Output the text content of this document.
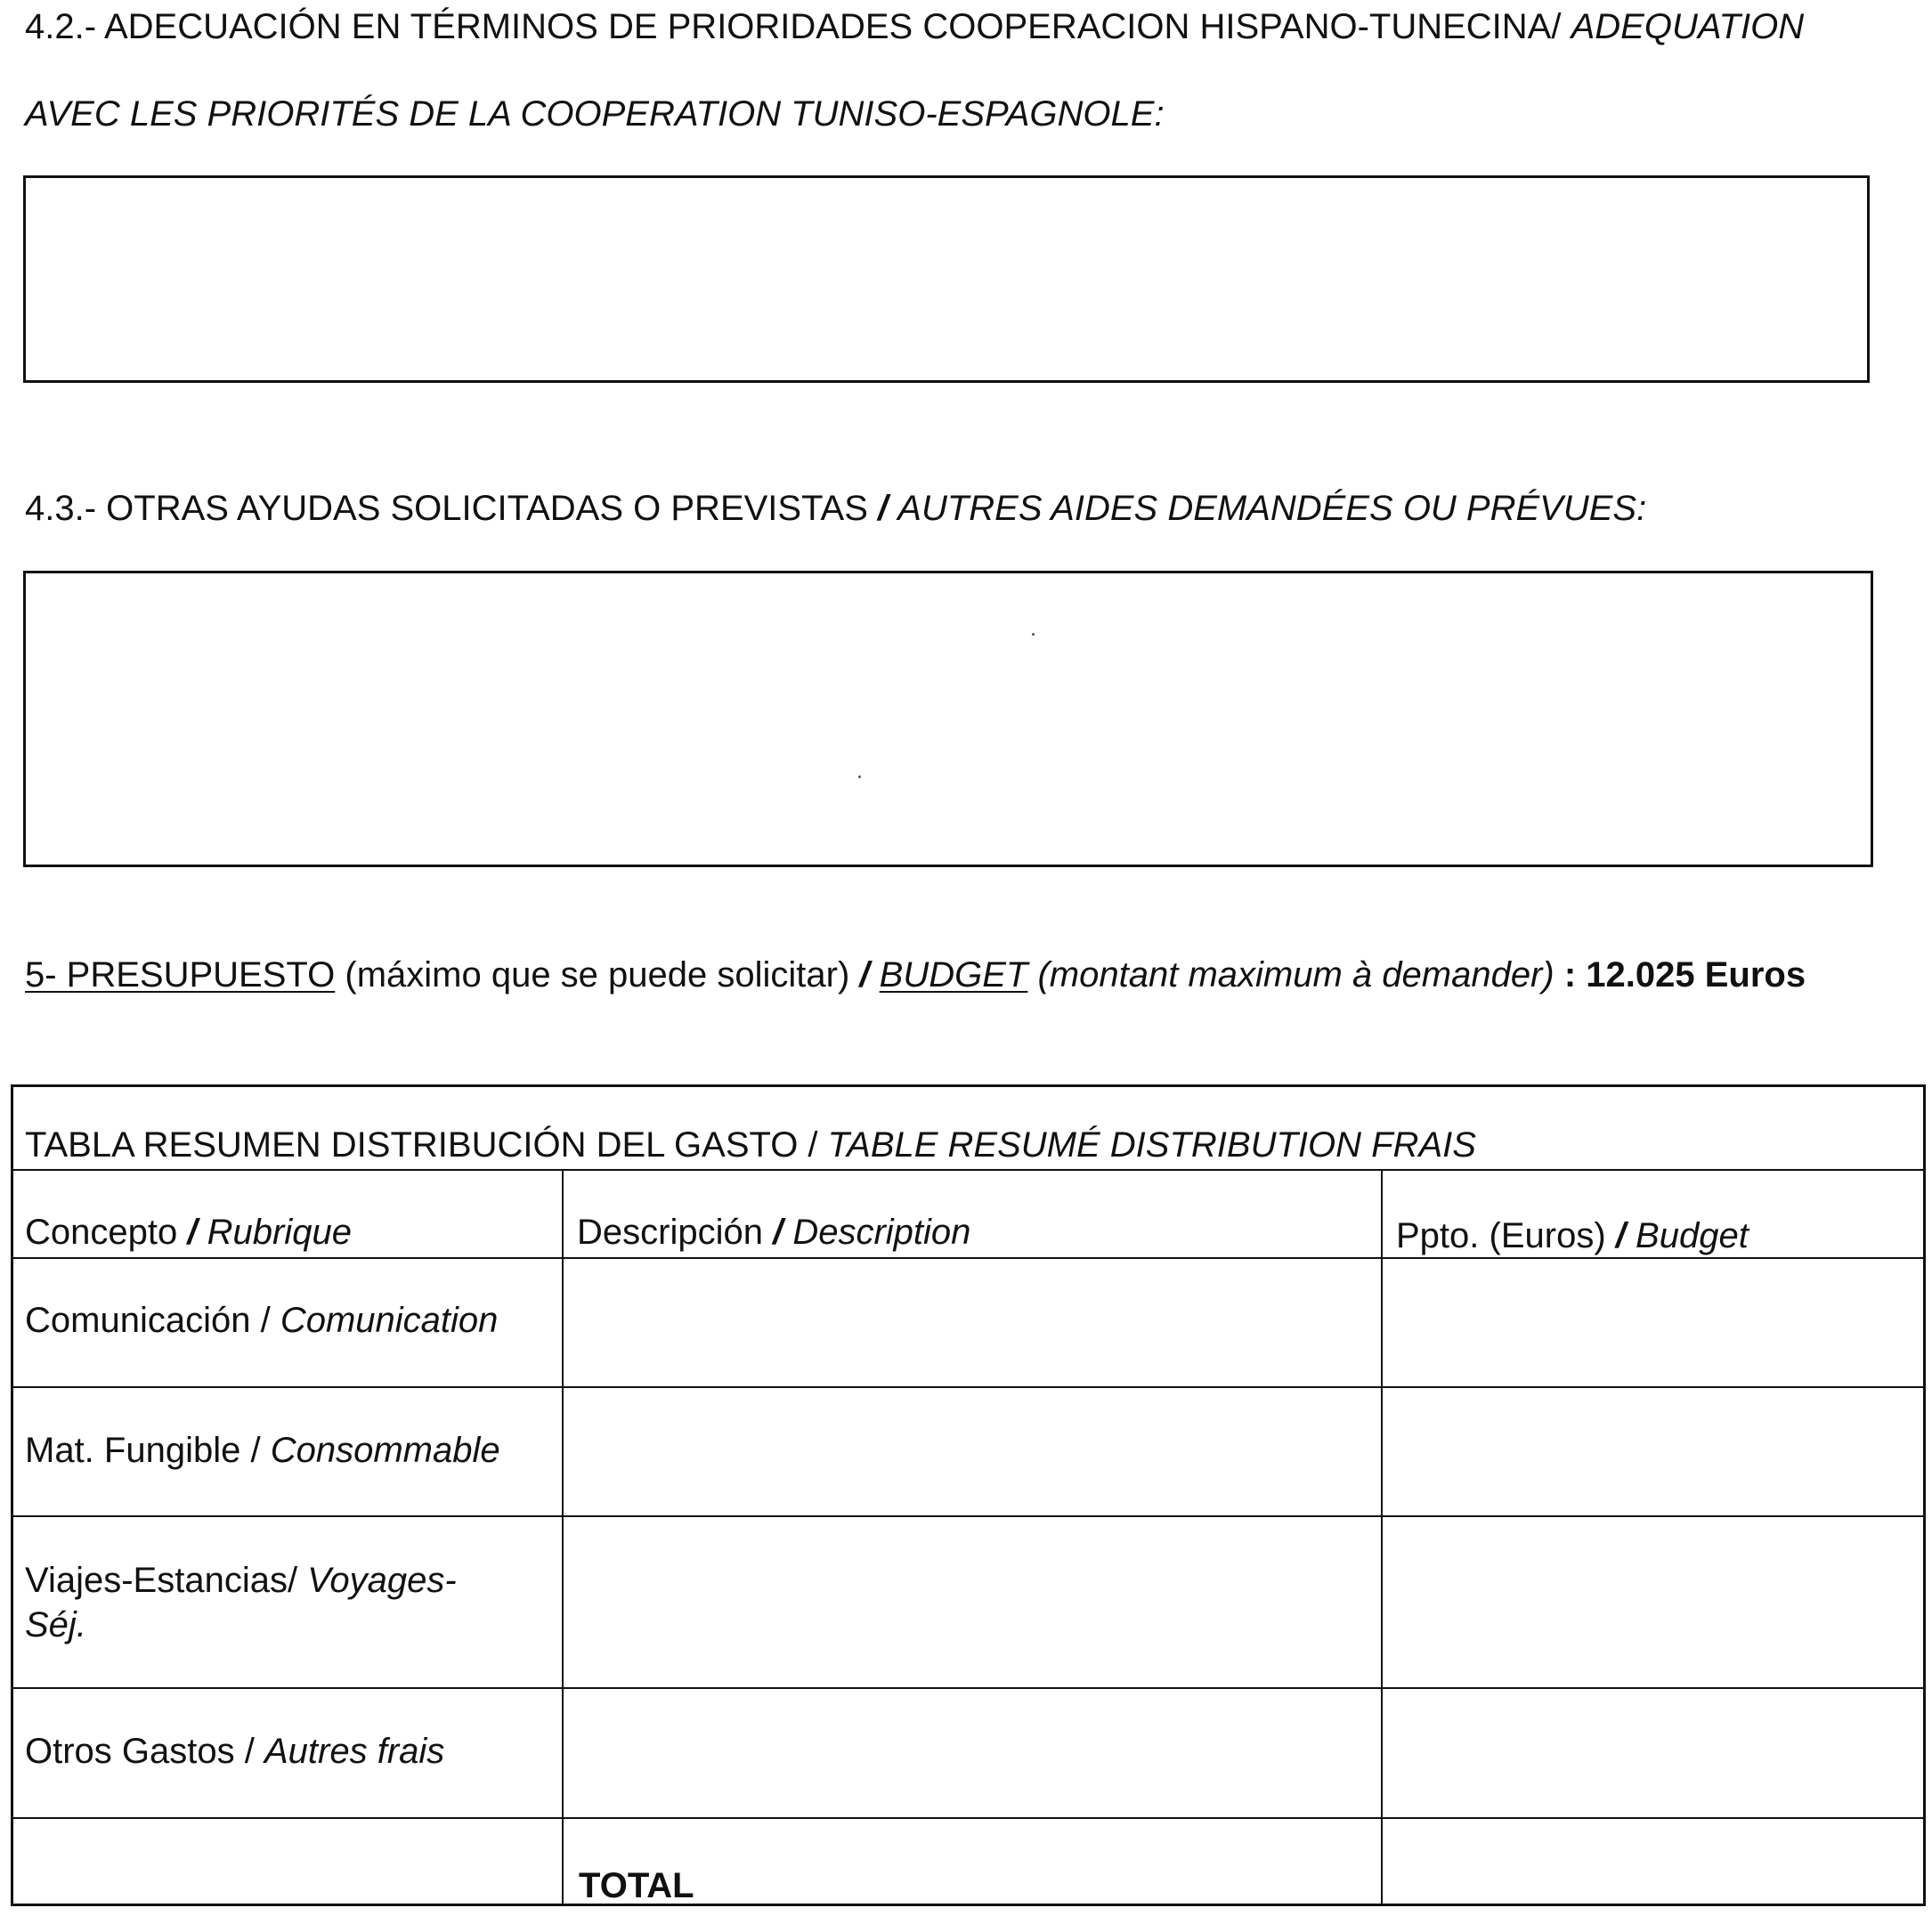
4.2.- ADECUACIÓN EN TÉRMINOS DE PRIORIDADES COOPERACION HISPANO-TUNECINA/ ADEQUATION
AVEC LES PRIORITÉS DE LA COOPERATION TUNISO-ESPAGNOLE:
4.3.- OTRAS AYUDAS SOLICITADAS O PREVISTAS / AUTRES AIDES DEMANDÉES OU PRÉVUES:
5- PRESUPUESTO (máximo que se puede solicitar) / BUDGET (montant maximum à demander) : 12.025 Euros
TABLA RESUMEN DISTRIBUCIÓN DEL GASTO / TABLE RESUMÉ DISTRIBUTION FRAIS
Concepto / Rubrique	Descripción / Description	Ppto. (Euros) / Budget
Comunicación / Comunication
Mat. Fungible / Consommable
Viajes-Estancias/ Voyages-
Séj.
Otros Gastos / Autres frais
TOTAL
